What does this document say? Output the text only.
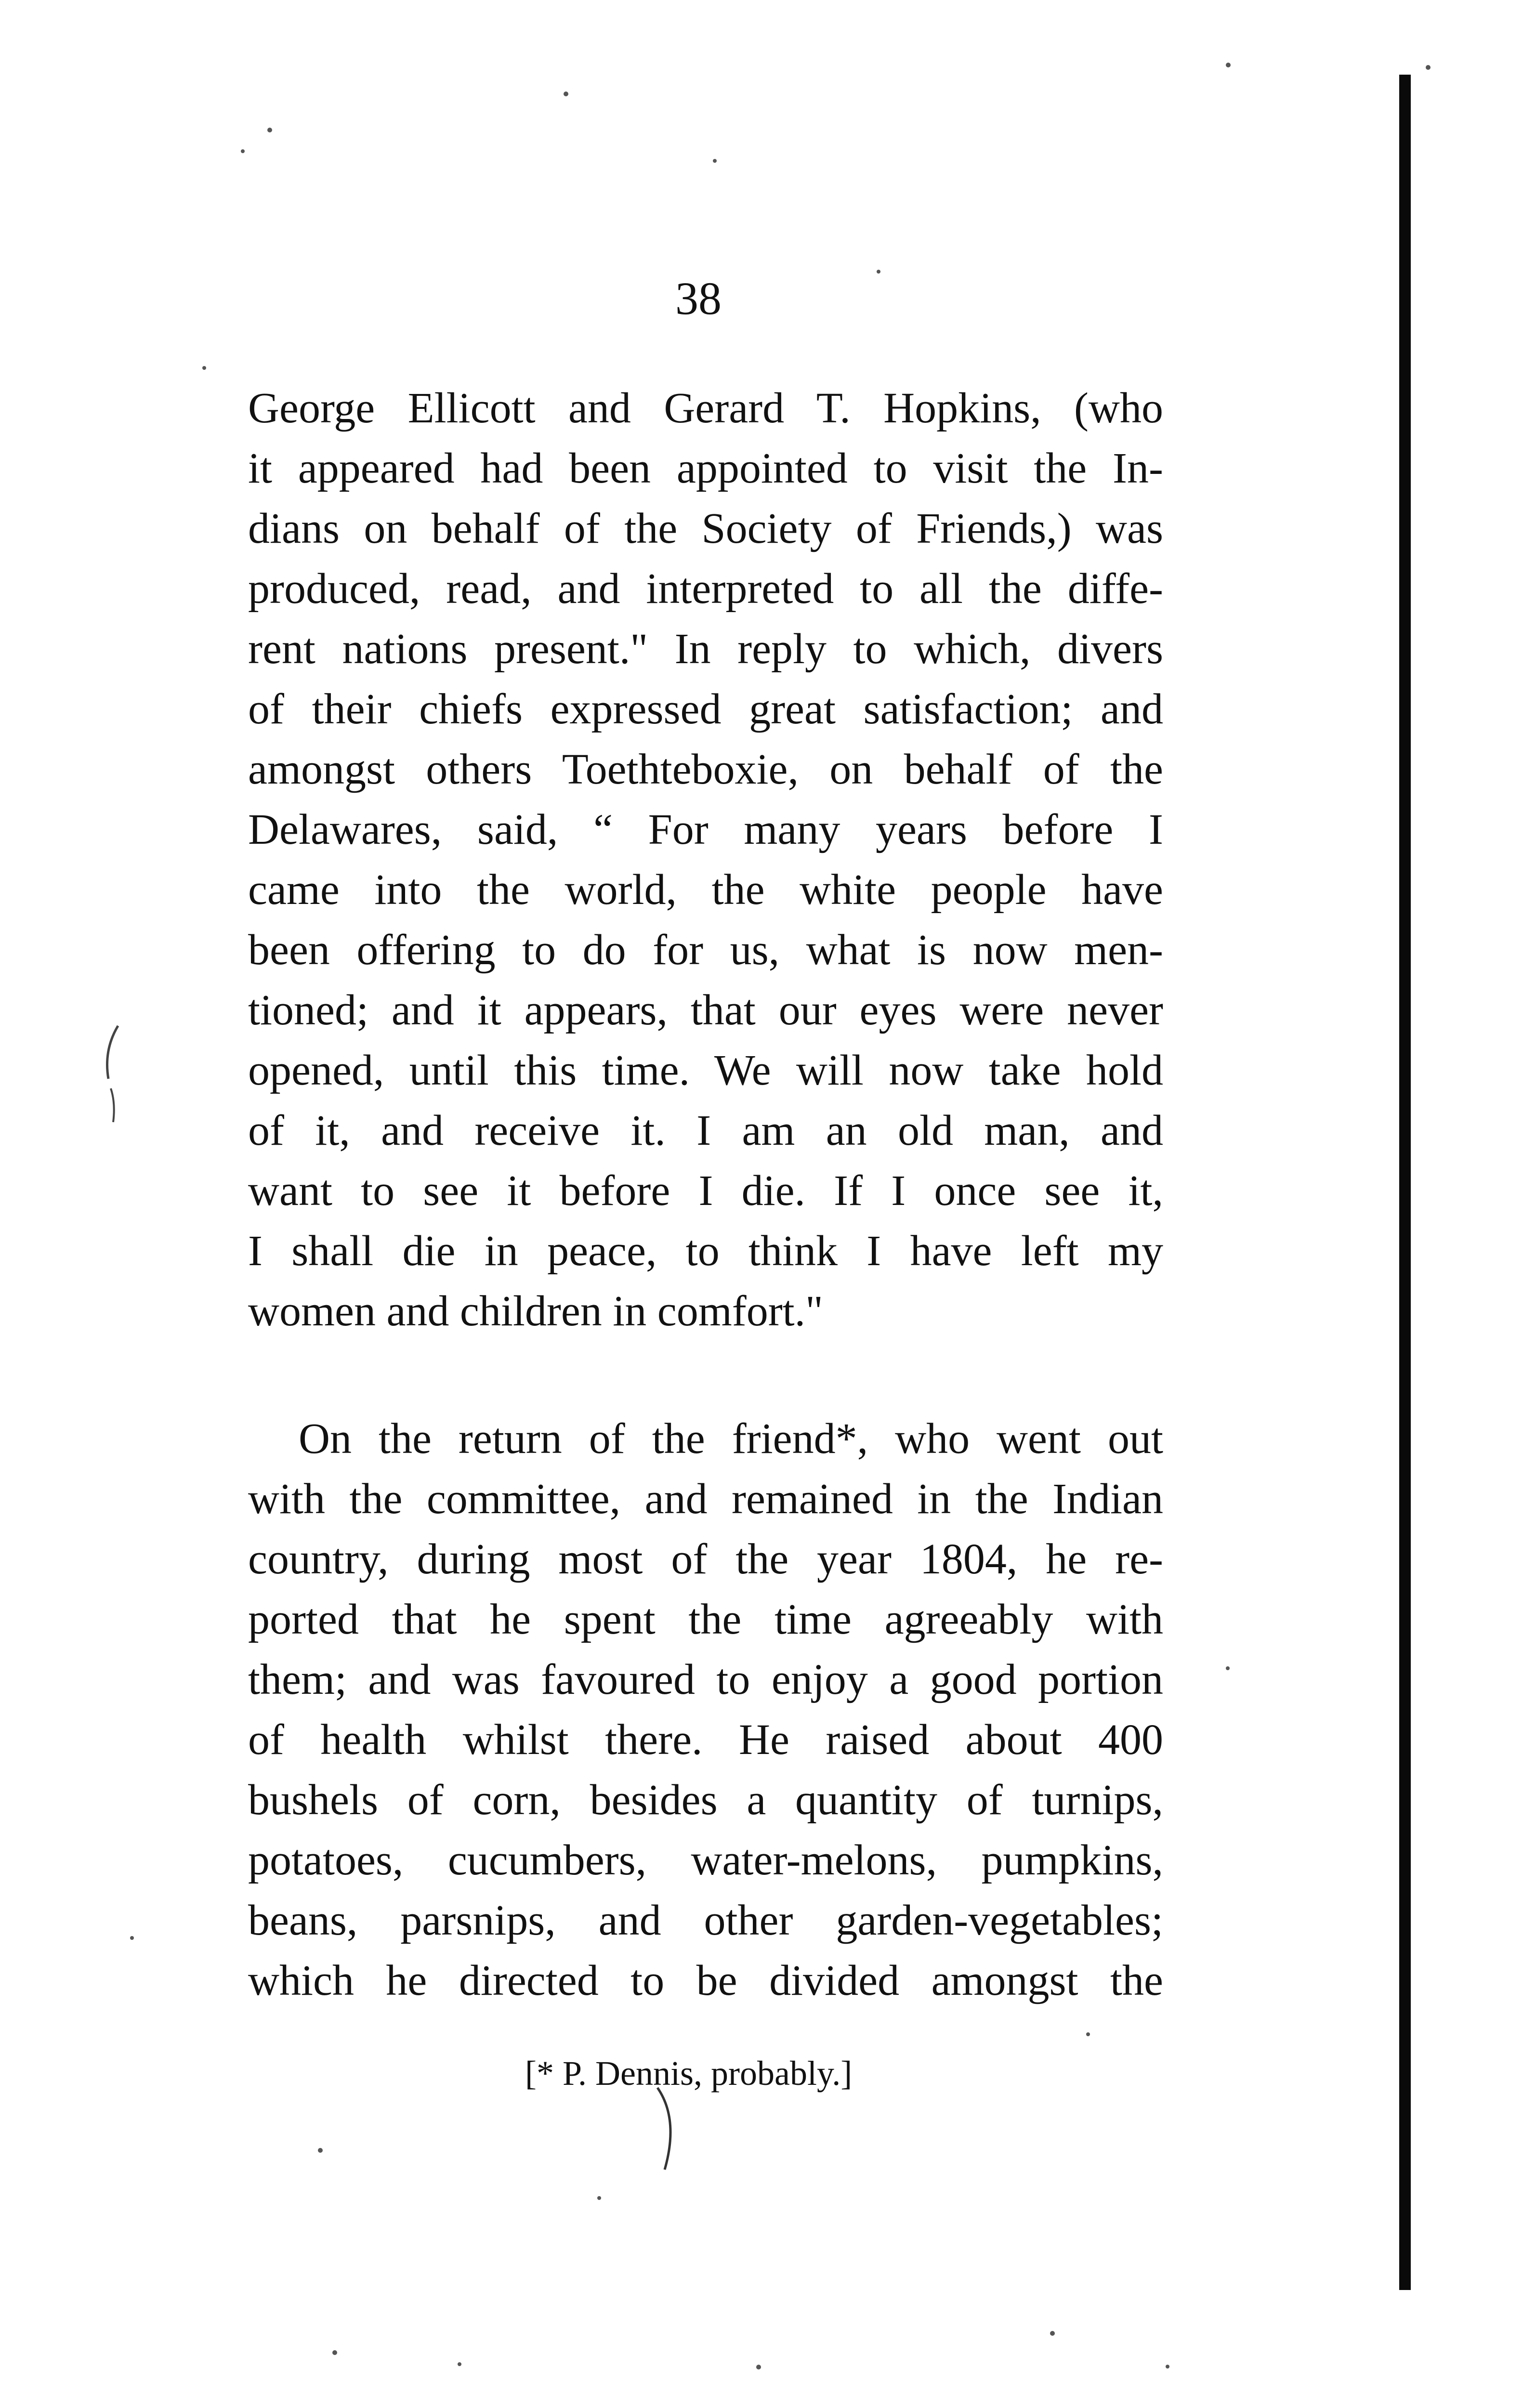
38
George Ellicott and Gerard T. Hopkins, (who
it appeared had been appointed to visit the In-
dians on behalf of the Society of Friends,) was
produced, read, and interpreted to all the diffe-
rent nations present." In reply to which, divers
of their chiefs expressed great satisfaction; and
amongst others Toethteboxie, on behalf of the
Delawares, said, “ For many years before I
came into the world, the white people have
been offering to do for us, what is now men-
tioned; and it appears, that our eyes were never
opened, until this time. We will now take hold
of it, and receive it. I am an old man, and
want to see it before I die. If I once see it,
I shall die in peace, to think I have left my
women and children in comfort."
On the return of the friend*, who went out
with the committee, and remained in the Indian
country, during most of the year 1804, he re-
ported that he spent the time agreeably with
them; and was favoured to enjoy a good portion
of health whilst there. He raised about 400
bushels of corn, besides a quantity of turnips,
potatoes, cucumbers, water-melons, pumpkins,
beans, parsnips, and other garden-vegetables;
which he directed to be divided amongst the
[* P. Dennis, probably.]
